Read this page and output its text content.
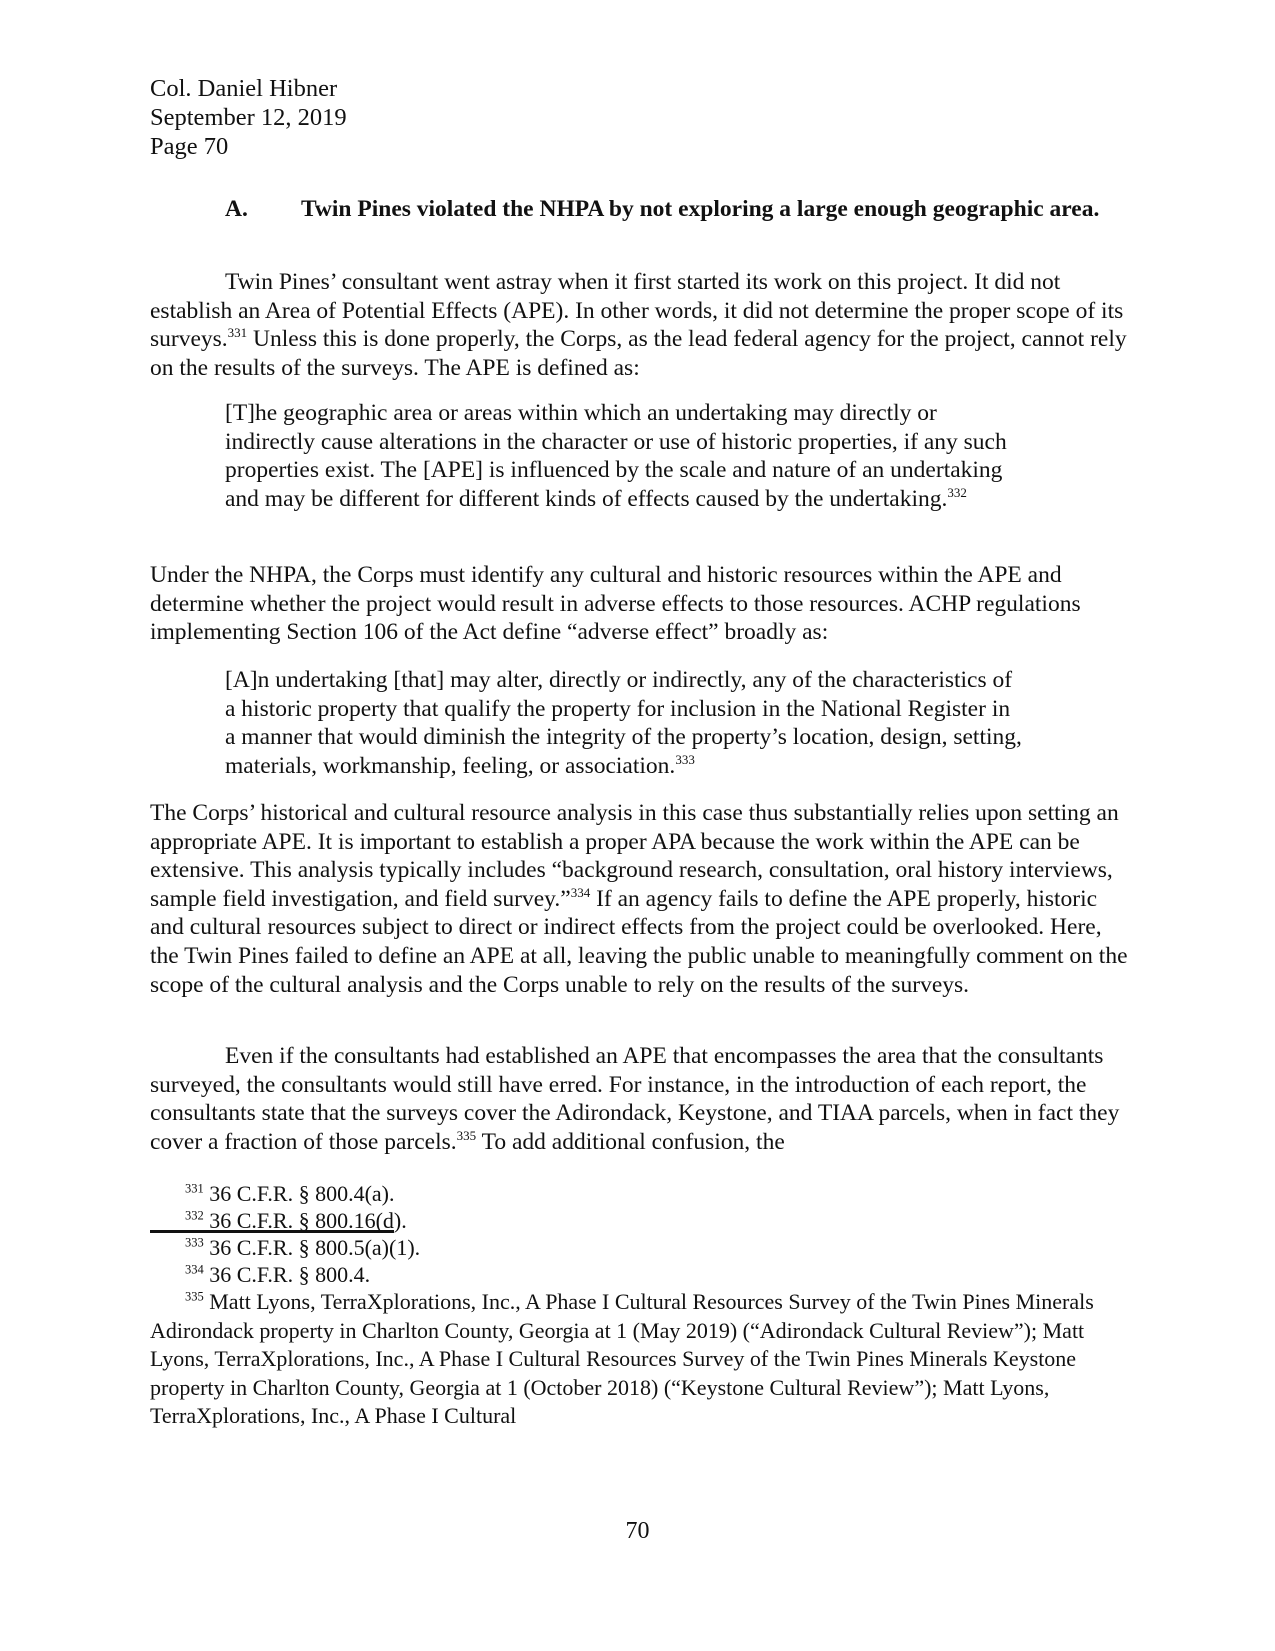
Col. Daniel Hibner
September 12, 2019
Page 70
A. Twin Pines violated the NHPA by not exploring a large enough geographic area.
Twin Pines’ consultant went astray when it first started its work on this project. It did not establish an Area of Potential Effects (APE). In other words, it did not determine the proper scope of its surveys.$^{331}$ Unless this is done properly, the Corps, as the lead federal agency for the project, cannot rely on the results of the surveys. The APE is defined as:
[T]he geographic area or areas within which an undertaking may directly or indirectly cause alterations in the character or use of historic properties, if any such properties exist. The [APE] is influenced by the scale and nature of an undertaking and may be different for different kinds of effects caused by the undertaking.$^{332}$
Under the NHPA, the Corps must identify any cultural and historic resources within the APE and determine whether the project would result in adverse effects to those resources. ACHP regulations implementing Section 106 of the Act define “adverse effect” broadly as:
[A]n undertaking [that] may alter, directly or indirectly, any of the characteristics of a historic property that qualify the property for inclusion in the National Register in a manner that would diminish the integrity of the property’s location, design, setting, materials, workmanship, feeling, or association.$^{333}$
The Corps’ historical and cultural resource analysis in this case thus substantially relies upon setting an appropriate APE. It is important to establish a proper APA because the work within the APE can be extensive. This analysis typically includes “background research, consultation, oral history interviews, sample field investigation, and field survey.”$^{334}$ If an agency fails to define the APE properly, historic and cultural resources subject to direct or indirect effects from the project could be overlooked. Here, the Twin Pines failed to define an APE at all, leaving the public unable to meaningfully comment on the scope of the cultural analysis and the Corps unable to rely on the results of the surveys.
Even if the consultants had established an APE that encompasses the area that the consultants surveyed, the consultants would still have erred. For instance, in the introduction of each report, the consultants state that the surveys cover the Adirondack, Keystone, and TIAA parcels, when in fact they cover a fraction of those parcels.$^{335}$ To add additional confusion, the
$^{331}$ 36 C.F.R. § 800.4(a).
$^{332}$ 36 C.F.R. § 800.16(d).
$^{333}$ 36 C.F.R. § 800.5(a)(1).
$^{334}$ 36 C.F.R. § 800.4.
$^{335}$ Matt Lyons, TerraXplorations, Inc., A Phase I Cultural Resources Survey of the Twin Pines Minerals Adirondack property in Charlton County, Georgia at 1 (May 2019) (“Adirondack Cultural Review”); Matt Lyons, TerraXplorations, Inc., A Phase I Cultural Resources Survey of the Twin Pines Minerals Keystone property in Charlton County, Georgia at 1 (October 2018) (“Keystone Cultural Review”); Matt Lyons, TerraXplorations, Inc., A Phase I Cultural
70
